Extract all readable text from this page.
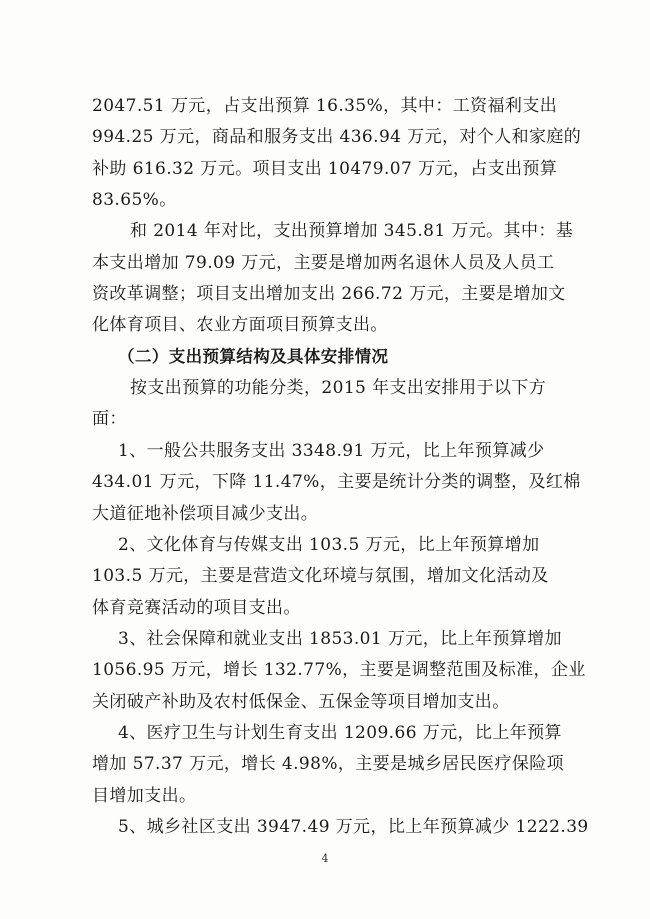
2047.51 万元，占支出预算 16.35%，其中：工资福利支出
994.25 万元，商品和服务支出 436.94 万元，对个人和家庭的
补助 616.32 万元。项目支出 10479.07 万元，占支出预算
83.65%。
和 2014 年对比，支出预算增加 345.81 万元。其中：基
本支出增加 79.09 万元，主要是增加两名退休人员及人员工
资改革调整；项目支出增加支出 266.72 万元，主要是增加文
化体育项目、农业方面项目预算支出。
（二）支出预算结构及具体安排情况
按支出预算的功能分类，2015 年支出安排用于以下方
面：
1、一般公共服务支出 3348.91 万元，比上年预算减少
434.01 万元，下降 11.47%，主要是统计分类的调整，及红棉
大道征地补偿项目减少支出。
2、文化体育与传媒支出 103.5 万元，比上年预算增加
103.5 万元，主要是营造文化环境与氛围，增加文化活动及
体育竞赛活动的项目支出。
3、社会保障和就业支出 1853.01 万元，比上年预算增加
1056.95 万元，增长 132.77%，主要是调整范围及标准，企业
关闭破产补助及农村低保金、五保金等项目增加支出。
4、医疗卫生与计划生育支出 1209.66 万元，比上年预算
增加 57.37 万元，增长 4.98%，主要是城乡居民医疗保险项
目增加支出。
5、城乡社区支出 3947.49 万元，比上年预算减少 1222.39
4
